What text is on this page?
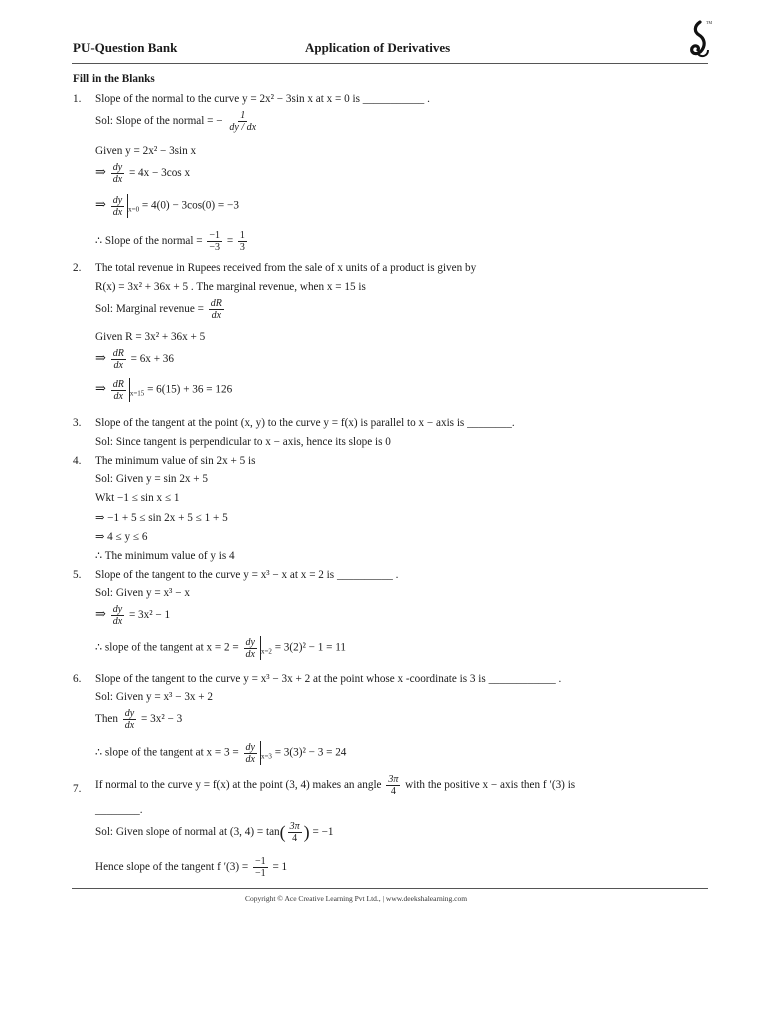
PU-Question Bank	Application of Derivatives
TM
Fill in the Blanks
1. Slope of the normal to the curve y = 2x² − 3sin x at x = 0 is ___________ .
Sol: Slope of the normal = − $\frac{1}{dy / dx}$
Given y = 2x² − 3sin x
⇒ $\frac{dy}{dx} = 4x - 3\cos$ x
⇒ $\frac{dy}{dx} _{x=0} = 4(0) - 3\cos(0) = -3$
∴ Slope of the normal = $\frac{-1}{-3} = \frac{1}{3}$
2. The total revenue in Rupees received from the sale of x units of a product is given by
R(x) = 3x² + 36x + 5 . The marginal revenue, when x = 15 is
Sol: Marginal revenue = $\frac{dR}{dx}$
Given R = 3x² + 36x + 5
⇒ $\frac{dR}{dx} = 6x + 36$
⇒ $\frac{dR}{dx} _{x=15} = 6(15) + 36 = 126$
3. Slope of the tangent at the point (x, y) to the curve y = f(x) is parallel to x − axis is ________.
Sol: Since tangent is perpendicular to x − axis, hence its slope is 0
4. The minimum value of sin 2x + 5 is
Sol: Given y = sin 2x + 5
Wkt −1 ≤ sin x ≤ 1
⇒ −1 + 5 ≤ sin 2x + 5 ≤ 1 + 5
⇒ 4 ≤ y ≤ 6
∴ The minimum value of y is 4
5. Slope of the tangent to the curve y = x³ − x at x = 2 is __________ .
Sol: Given y = x³ − x
⇒ $\frac{dy}{dx} = 3x^2 - 1$
∴ slope of the tangent at $x = 2 = \frac{dy}{dx} _{x=2} = 3(2)^2 - 1 = 11$
6. Slope of the tangent to the curve y = x³ − 3x + 2 at the point whose x -coordinate is 3 is ____________ .
Sol: Given y = x³ − 3x + 2
Then $\frac{dy}{dx} = 3x^2 - 3$
∴ slope of the tangent at $x = 3 = \frac{dy}{dx} _{x=3} = 3(3)^2 - 3 = 24$
7. If normal to the curve y = f(x) at the point (3, 4) makes an angle $\frac{3\pi}{4}$ with the positive x − axis then f ′(3) is
________.
Sol: Given slope of normal at (3, $4) = \tan( \frac{3\pi}{4}$ ) = −1
Hence slope of the tangent f $'(3) = \frac{-1}{-1} = 1$
Copyright © Ace Creative Learning Pvt Ltd., | www.deekshalearning.com
